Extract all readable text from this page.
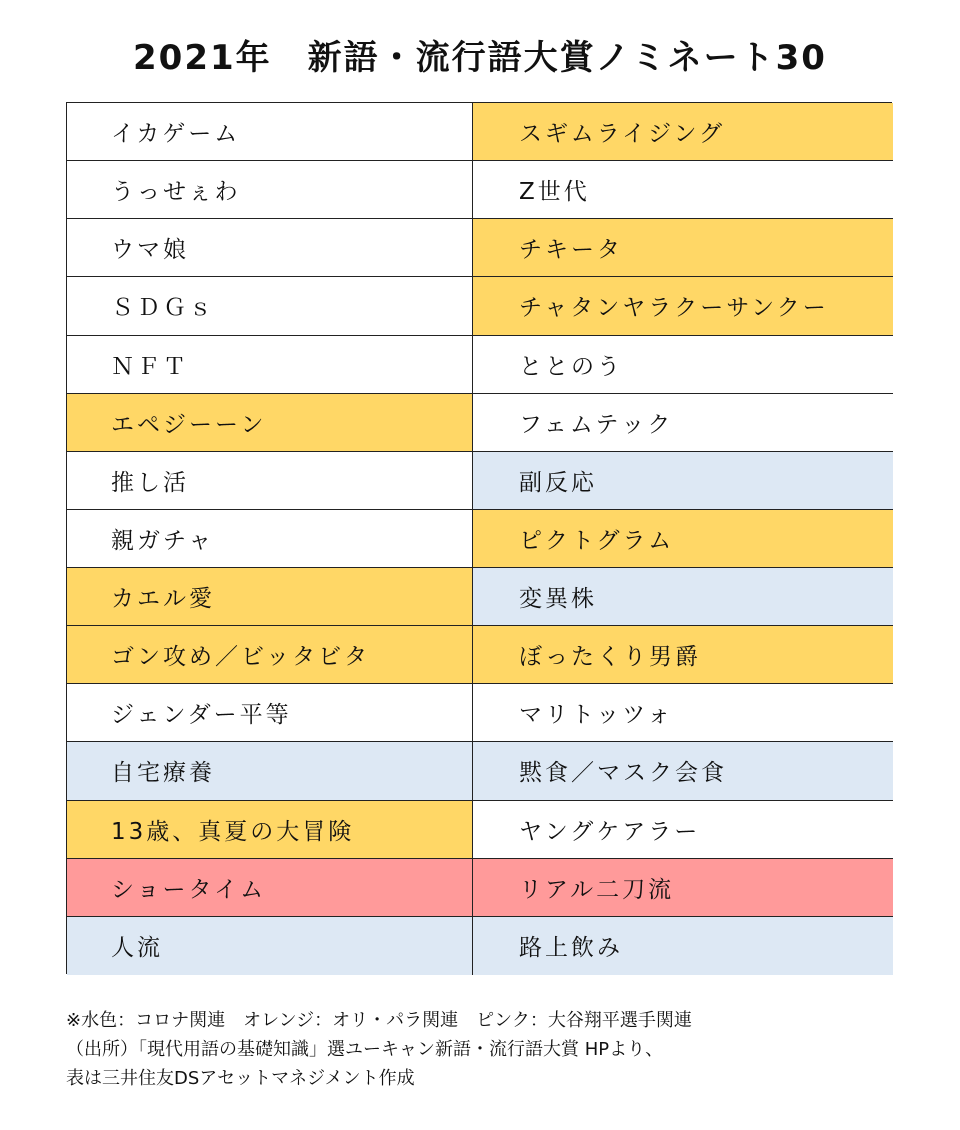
2021年　新語・流行語大賞ノミネート30
イカゲーム	スギムライジング
うっせぇわ	Z世代
ウマ娘	チキータ
ＳＤＧｓ	チャタンヤラクーサンクー
ＮＦＴ	ととのう
エペジーーン	フェムテック
推し活	副反応
親ガチャ	ピクトグラム
カエル愛	変異株
ゴン攻め／ビッタビタ	ぼったくり男爵
ジェンダー平等	マリトッツォ
自宅療養	黙食／マスク会食
13歳、真夏の大冒険	ヤングケアラー
ショータイム	リアル二刀流
人流	路上飲み
※水色：コロナ関連　オレンジ：オリ・パラ関連　ピンク：大谷翔平選手関連
（出所）「現代用語の基礎知識」選ユーキャン新語・流行語大賞 HPより、
表は三井住友DSアセットマネジメント作成
